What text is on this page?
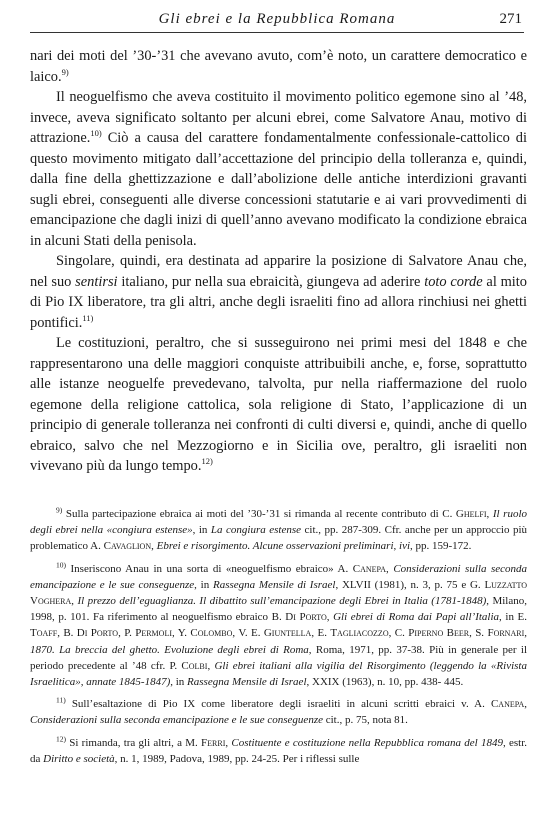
Gli ebrei e la Repubblica Romana	271

nari dei moti del ’30-’31 che avevano avuto, com’è noto, un carattere democratico e laico.$^{9)}$

Il neoguelfismo che aveva costituito il movimento politico egemone sino al ’48, invece, aveva significato soltanto per alcuni ebrei, come Salvatore Anau, motivo di attrazione.$^{10)}$ Ciò a causa del carattere fondamentalmente confessionale-cattolico di questo movimento mitigato dall’accettazione del principio della tolleranza e, quindi, dalla fine della ghettizzazione e dall’abolizione delle antiche interdizioni gravanti sugli ebrei, conseguenti alle diverse concessioni statutarie e ai vari provvedimenti di emancipazione che dagli inizi di quell’anno avevano modificato la condizione ebraica in alcuni Stati della penisola.

Singolare, quindi, era destinata ad apparire la posizione di Salvatore Anau che, nel suo sentirsi italiano, pur nella sua ebraicità, giungeva ad aderire toto corde al mito di Pio IX liberatore, tra gli altri, anche degli israeliti fino ad allora rinchiusi nei ghetti pontifici.$^{11)}$

Le costituzioni, peraltro, che si susseguirono nei primi mesi del 1848 e che rappresentarono una delle maggiori conquiste attribuibili anche, e, forse, soprattutto alle istanze neoguelfe prevedevano, talvolta, pur nella riaffermazione del ruolo egemone della religione cattolica, sola religione di Stato, l’applicazione di un principio di generale tolleranza nei confronti di culti diversi e, quindi, anche di quello ebraico, salvo che nel Mezzogiorno e in Sicilia ove, peraltro, gli israeliti non vivevano più da lungo tempo.$^{12)}$

$^{9)}$ Sulla partecipazione ebraica ai moti del ’30-’31 si rimanda al recente contributo di C. Ghelfi, Il ruolo degli ebrei nella «congiura estense», in La congiura estense cit., pp. 287-309. Cfr. anche per un approccio più problematico A. Cavaglion, Ebrei e risorgimento. Alcune osservazioni preliminari, ivi, pp. 159-172.

$^{10)}$ Inseriscono Anau in una sorta di «neoguelfismo ebraico» A. Canepa, Considerazioni sulla seconda emancipazione e le sue conseguenze, in Rassegna Mensile di Israel, XLVII (1981), n. 3, p. 75 e G. Luzzatto Voghera, Il prezzo dell’eguaglianza. Il dibattito sull’emancipazione degli Ebrei in Italia (1781-1848), Milano, 1998, p. 101. Fa riferimento al neoguelfismo ebraico B. Di Porto, Gli ebrei di Roma dai Papi all’Italia, in E. Toaff, B. Di Porto, P. Permoli, Y. Colombo, V. E. Giuntella, E. Tagliacozzo, C. Piperno Beer, S. Fornari, 1870. La breccia del ghetto. Evoluzione degli ebrei di Roma, Roma, 1971, pp. 37-38. Più in generale per il periodo precedente al ’48 cfr. P. Colbi, Gli ebrei italiani alla vigilia del Risorgimento (leggendo la «Rivista Israelitica», annate 1845-1847), in Rassegna Mensile di Israel, XXIX (1963), n. 10, pp. 438- 445.

$^{11)}$ Sull’esaltazione di Pio IX come liberatore degli israeliti in alcuni scritti ebraici v. A. Canepa, Considerazioni sulla seconda emancipazione e le sue conseguenze cit., p. 75, nota 81.

$^{12)}$ Si rimanda, tra gli altri, a M. Ferri, Costituente e costituzione nella Repubblica romana del 1849, estr. da Diritto e società, n. 1, 1989, Padova, 1989, pp. 24-25. Per i riflessi sulle
